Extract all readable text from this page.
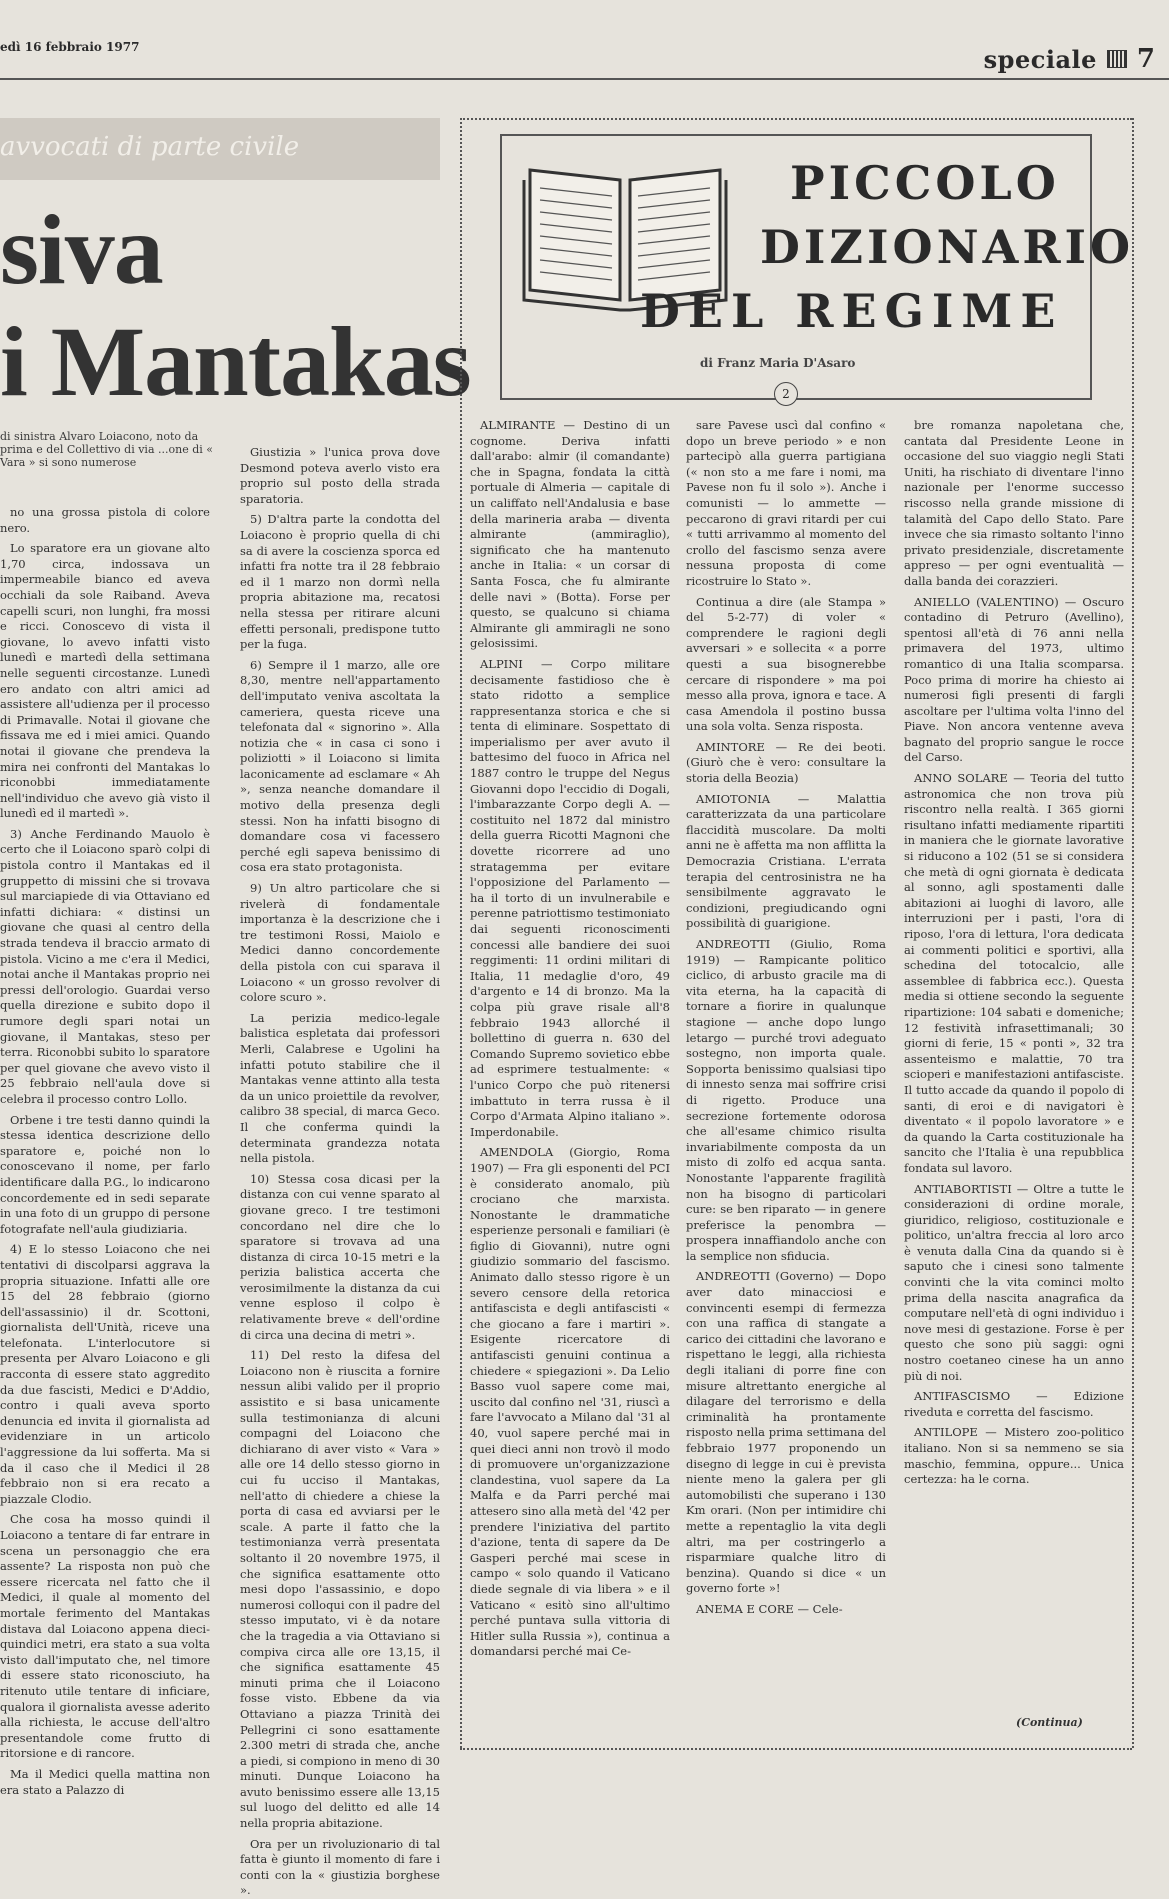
edì 16 febbraio 1977	speciale 7
avvocati di parte civile
siva
i Mantakas
di sinistra Alvaro Loiacono, noto da prima e del Collettivo di via ...one di « Vara » si sono numerose

no una grossa pistola di colore nero.

Lo sparatore era un giovane alto 1,70 circa, indossava un impermeabile bianco ed aveva occhiali da sole Raiband. Aveva capelli scuri, non lunghi, fra mossi e ricci. Conoscevo di vista il giovane, lo avevo infatti visto lunedì e martedì della settimana nelle seguenti circostanze. Lunedì ero andato con altri amici ad assistere all'udienza per il processo di Primavalle. Notai il giovane che fissava me ed i miei amici. Quando notai il giovane che prendeva la mira nei confronti del Mantakas lo riconobbi immediatamente nell'individuo che avevo già visto il lunedì ed il martedì ».

3) Anche Ferdinando Mauolo è certo che il Loiacono sparò colpi di pistola contro il Mantakas ed il gruppetto di missini che si trovava sul marciapiede di via Ottaviano ed infatti dichiara: « distinsi un giovane che quasi al centro della strada tendeva il braccio armato di pistola. Vicino a me c'era il Medici, notai anche il Mantakas proprio nei pressi dell'orologio. Guardai verso quella direzione e subito dopo il rumore degli spari notai un giovane, il Mantakas, steso per terra. Riconobbi subito lo sparatore per quel giovane che avevo visto il 25 febbraio nell'aula dove si celebra il processo contro Lollo.

Orbene i tre testi danno quindi la stessa identica descrizione dello sparatore e, poiché non lo conoscevano il nome, per farlo identificare dalla P.G., lo indicarono concordemente ed in sedi separate in una foto di un gruppo di persone fotografate nell'aula giudiziaria.

4) E lo stesso Loiacono che nei tentativi di discolparsi aggrava la propria situazione. Infatti alle ore 15 del 28 febbraio (giorno dell'assassinio) il dr. Scottoni, giornalista dell'Unità, riceve una telefonata. L'interlocutore si presenta per Alvaro Loiacono e gli racconta di essere stato aggredito da due fascisti, Medici e D'Addio, contro i quali aveva sporto denuncia ed invita il giornalista ad evidenziare in un articolo l'aggressione da lui sofferta. Ma si da il caso che il Medici il 28 febbraio non si era recato a piazzale Clodio.

Che cosa ha mosso quindi il Loiacono a tentare di far entrare in scena un personaggio che era assente? La risposta non può che essere ricercata nel fatto che il Medici, il quale al momento del mortale ferimento del Mantakas distava dal Loiacono appena dieci-quindici metri, era stato a sua volta visto dall'imputato che, nel timore di essere stato riconosciuto, ha ritenuto utile tentare di inficiare, qualora il giornalista avesse aderito alla richiesta, le accuse dell'altro presentandole come frutto di ritorsione e di rancore.

Ma il Medici quella mattina non era stato a Palazzo di

Giustizia » l'unica prova dove Desmond poteva averlo visto era proprio sul posto della strada sparatoria.

5) D'altra parte la condotta del Loiacono è proprio quella di chi sa di avere la coscienza sporca ed infatti fra notte tra il 28 febbraio ed il 1 marzo non dormì nella propria abitazione ma, recatosi nella stessa per ritirare alcuni effetti personali, predispone tutto per la fuga.

6) Sempre il 1 marzo, alle ore 8,30, mentre nell'appartamento dell'imputato veniva ascoltata la cameriera, questa riceve una telefonata dal « signorino ». Alla notizia che « in casa ci sono i poliziotti » il Loiacono si limita laconicamente ad esclamare « Ah », senza neanche domandare il motivo della presenza degli stessi. Non ha infatti bisogno di domandare cosa vi facessero perché egli sapeva benissimo di cosa era stato protagonista.

9) Un altro particolare che si rivelerà di fondamentale importanza è la descrizione che i tre testimoni Rossi, Maiolo e Medici danno concordemente della pistola con cui sparava il Loiacono « un grosso revolver di colore scuro ».

La perizia medico-legale balistica espletata dai professori Merli, Calabrese e Ugolini ha infatti potuto stabilire che il Mantakas venne attinto alla testa da un unico proiettile da revolver, calibro 38 special, di marca Geco. Il che conferma quindi la determinata grandezza notata nella pistola.

10) Stessa cosa dicasi per la distanza con cui venne sparato al giovane greco. I tre testimoni concordano nel dire che lo sparatore si trovava ad una distanza di circa 10-15 metri e la perizia balistica accerta che verosimilmente la distanza da cui venne esploso il colpo è relativamente breve « dell'ordine di circa una decina di metri ».

11) Del resto la difesa del Loiacono non è riuscita a fornire nessun alibi valido per il proprio assistito e si basa unicamente sulla testimonianza di alcuni compagni del Loiacono che dichiarano di aver visto « Vara » alle ore 14 dello stesso giorno in cui fu ucciso il Mantakas, nell'atto di chiedere a chiese la porta di casa ed avviarsi per le scale. A parte il fatto che la testimonianza verrà presentata soltanto il 20 novembre 1975, il che significa esattamente otto mesi dopo l'assassinio, e dopo numerosi colloqui con il padre del stesso imputato, vi è da notare che la tragedia a via Ottaviano si compiva circa alle ore 13,15, il che significa esattamente 45 minuti prima che il Loiacono fosse visto. Ebbene da via Ottaviano a piazza Trinità dei Pellegrini ci sono esattamente 2.300 metri di strada che, anche a piedi, si compiono in meno di 30 minuti. Dunque Loiacono ha avuto benissimo essere alle 13,15 sul luogo del delitto ed alle 14 nella propria abitazione.

Ora per un rivoluzionario di tal fatta è giunto il momento di fare i conti con la « giustizia borghese ».

PICCOLO
DIZIONARIO
DEL REGIME
di Franz Maria D'Asaro
2

ALMIRANTE — Destino di un cognome. Deriva infatti dall'arabo: almir (il comandante) che in Spagna, fondata la città portuale di Almeria — capitale di un califfato nell'Andalusia e base della marineria araba — diventa almirante (ammiraglio), significato che ha mantenuto anche in Italia: « un corsar di Santa Fosca, che fu almirante delle navi » (Botta). Forse per questo, se qualcuno si chiama Almirante gli ammiragli ne sono gelosissimi.

ALPINI — Corpo militare decisamente fastidioso che è stato ridotto a semplice rappresentanza storica e che si tenta di eliminare. Sospettato di imperialismo per aver avuto il battesimo del fuoco in Africa nel 1887 contro le truppe del Negus Giovanni dopo l'eccidio di Dogali, l'imbarazzante Corpo degli A. — costituito nel 1872 dal ministro della guerra Ricotti Magnoni che dovette ricorrere ad uno stratagemma per evitare l'opposizione del Parlamento — ha il torto di un invulnerabile e perenne patriottismo testimoniato dai seguenti riconoscimenti concessi alle bandiere dei suoi reggimenti: 11 ordini militari di Italia, 11 medaglie d'oro, 49 d'argento e 14 di bronzo. Ma la colpa più grave risale all'8 febbraio 1943 allorché il bollettino di guerra n. 630 del Comando Supremo sovietico ebbe ad esprimere testualmente: « l'unico Corpo che può ritenersi imbattuto in terra russa è il Corpo d'Armata Alpino italiano ». Imperdonabile.

AMENDOLA (Giorgio, Roma 1907) — Fra gli esponenti del PCI è considerato anomalo, più crociano che marxista. Nonostante le drammatiche esperienze personali e familiari (è figlio di Giovanni), nutre ogni giudizio sommario del fascismo. Animato dallo stesso rigore è un severo censore della retorica antifascista e degli antifascisti « che giocano a fare i martiri ». Esigente ricercatore di antifascisti genuini continua a chiedere « spiegazioni ». Da Lelio Basso vuol sapere come mai, uscito dal confino nel '31, riuscì a fare l'avvocato a Milano dal '31 al 40, vuol sapere perché mai in quei dieci anni non trovò il modo di promuovere un'organizzazione clandestina, vuol sapere da La Malfa e da Parri perché mai attesero sino alla metà del '42 per prendere l'iniziativa del partito d'azione, tenta di sapere da De Gasperi perché mai scese in campo « solo quando il Vaticano diede segnale di via libera » e il Vaticano « esitò sino all'ultimo perché puntava sulla vittoria di Hitler sulla Russia »), continua a domandarsi perché mai Ce-

sare Pavese uscì dal confino « dopo un breve periodo » e non partecipò alla guerra partigiana (« non sto a me fare i nomi, ma Pavese non fu il solo »). Anche i comunisti — lo ammette — peccarono di gravi ritardi per cui « tutti arrivammo al momento del crollo del fascismo senza avere nessuna proposta di come ricostruire lo Stato ».

Continua a dire (ale Stampa » del 5-2-77) di voler « comprendere le ragioni degli avversari » e sollecita « a porre questi a sua bisognerebbe cercare di rispondere » ma poi messo alla prova, ignora e tace. A casa Amendola il postino bussa una sola volta. Senza risposta.

AMINTORE — Re dei beoti. (Giurò che è vero: consultare la storia della Beozia)

AMIOTONIA — Malattia caratterizzata da una particolare flaccidità muscolare. Da molti anni ne è affetta ma non afflitta la Democrazia Cristiana. L'errata terapia del centrosinistra ne ha sensibilmente aggravato le condizioni, pregiudicando ogni possibilità di guarigione.

ANDREOTTI (Giulio, Roma 1919) — Rampicante politico ciclico, di arbusto gracile ma di vita eterna, ha la capacità di tornare a fiorire in qualunque stagione — anche dopo lungo letargo — purché trovi adeguato sostegno, non importa quale. Sopporta benissimo qualsiasi tipo di innesto senza mai soffrire crisi di rigetto. Produce una secrezione fortemente odorosa che all'esame chimico risulta invariabilmente composta da un misto di zolfo ed acqua santa. Nonostante l'apparente fragilità non ha bisogno di particolari cure: se ben riparato — in genere preferisce la penombra — prospera innaffiandolo anche con la semplice non sfiducia.

ANDREOTTI (Governo) — Dopo aver dato minacciosi e convincenti esempi di fermezza con una raffica di stangate a carico dei cittadini che lavorano e rispettano le leggi, alla richiesta degli italiani di porre fine con misure altrettanto energiche al dilagare del terrorismo e della criminalità ha prontamente risposto nella prima settimana del febbraio 1977 proponendo un disegno di legge in cui è prevista niente meno la galera per gli automobilisti che superano i 130 Km orari. (Non per intimidire chi mette a repentaglio la vita degli altri, ma per costringerlo a risparmiare qualche litro di benzina). Quando si dice « un governo forte »!

ANEMA E CORE — Cele-

bre romanza napoletana che, cantata dal Presidente Leone in occasione del suo viaggio negli Stati Uniti, ha rischiato di diventare l'inno nazionale per l'enorme successo riscosso nella grande missione di talamità del Capo dello Stato. Pare invece che sia rimasto soltanto l'inno privato presidenziale, discretamente appreso — per ogni eventualità — dalla banda dei corazzieri.

ANIELLO (VALENTINO) — Oscuro contadino di Petruro (Avellino), spentosi all'età di 76 anni nella primavera del 1973, ultimo romantico di una Italia scomparsa. Poco prima di morire ha chiesto ai numerosi figli presenti di fargli ascoltare per l'ultima volta l'inno del Piave. Non ancora ventenne aveva bagnato del proprio sangue le rocce del Carso.

ANNO SOLARE — Teoria del tutto astronomica che non trova più riscontro nella realtà. I 365 giorni risultano infatti mediamente ripartiti in maniera che le giornate lavorative si riducono a 102 (51 se si considera che metà di ogni giornata è dedicata al sonno, agli spostamenti dalle abitazioni ai luoghi di lavoro, alle interruzioni per i pasti, l'ora di riposo, l'ora di lettura, l'ora dedicata ai commenti politici e sportivi, alla schedina del totocalcio, alle assemblee di fabbrica ecc.). Questa media si ottiene secondo la seguente ripartizione: 104 sabati e domeniche; 12 festività infrasettimanali; 30 giorni di ferie, 15 « ponti », 32 tra assenteismo e malattie, 70 tra scioperi e manifestazioni antifasciste. Il tutto accade da quando il popolo di santi, di eroi e di navigatori è diventato « il popolo lavoratore » e da quando la Carta costituzionale ha sancito che l'Italia è una repubblica fondata sul lavoro.

ANTIABORTISTI — Oltre a tutte le considerazioni di ordine morale, giuridico, religioso, costituzionale e politico, un'altra freccia al loro arco è venuta dalla Cina da quando si è saputo che i cinesi sono talmente convinti che la vita cominci molto prima della nascita anagrafica da computare nell'età di ogni individuo i nove mesi di gestazione. Forse è per questo che sono più saggi: ogni nostro coetaneo cinese ha un anno più di noi.

ANTIFASCISMO — Edizione riveduta e corretta del fascismo.

ANTILOPE — Mistero zoo-politico italiano. Non si sa nemmeno se sia maschio, femmina, oppure... Unica certezza: ha le corna.

(Continua)
